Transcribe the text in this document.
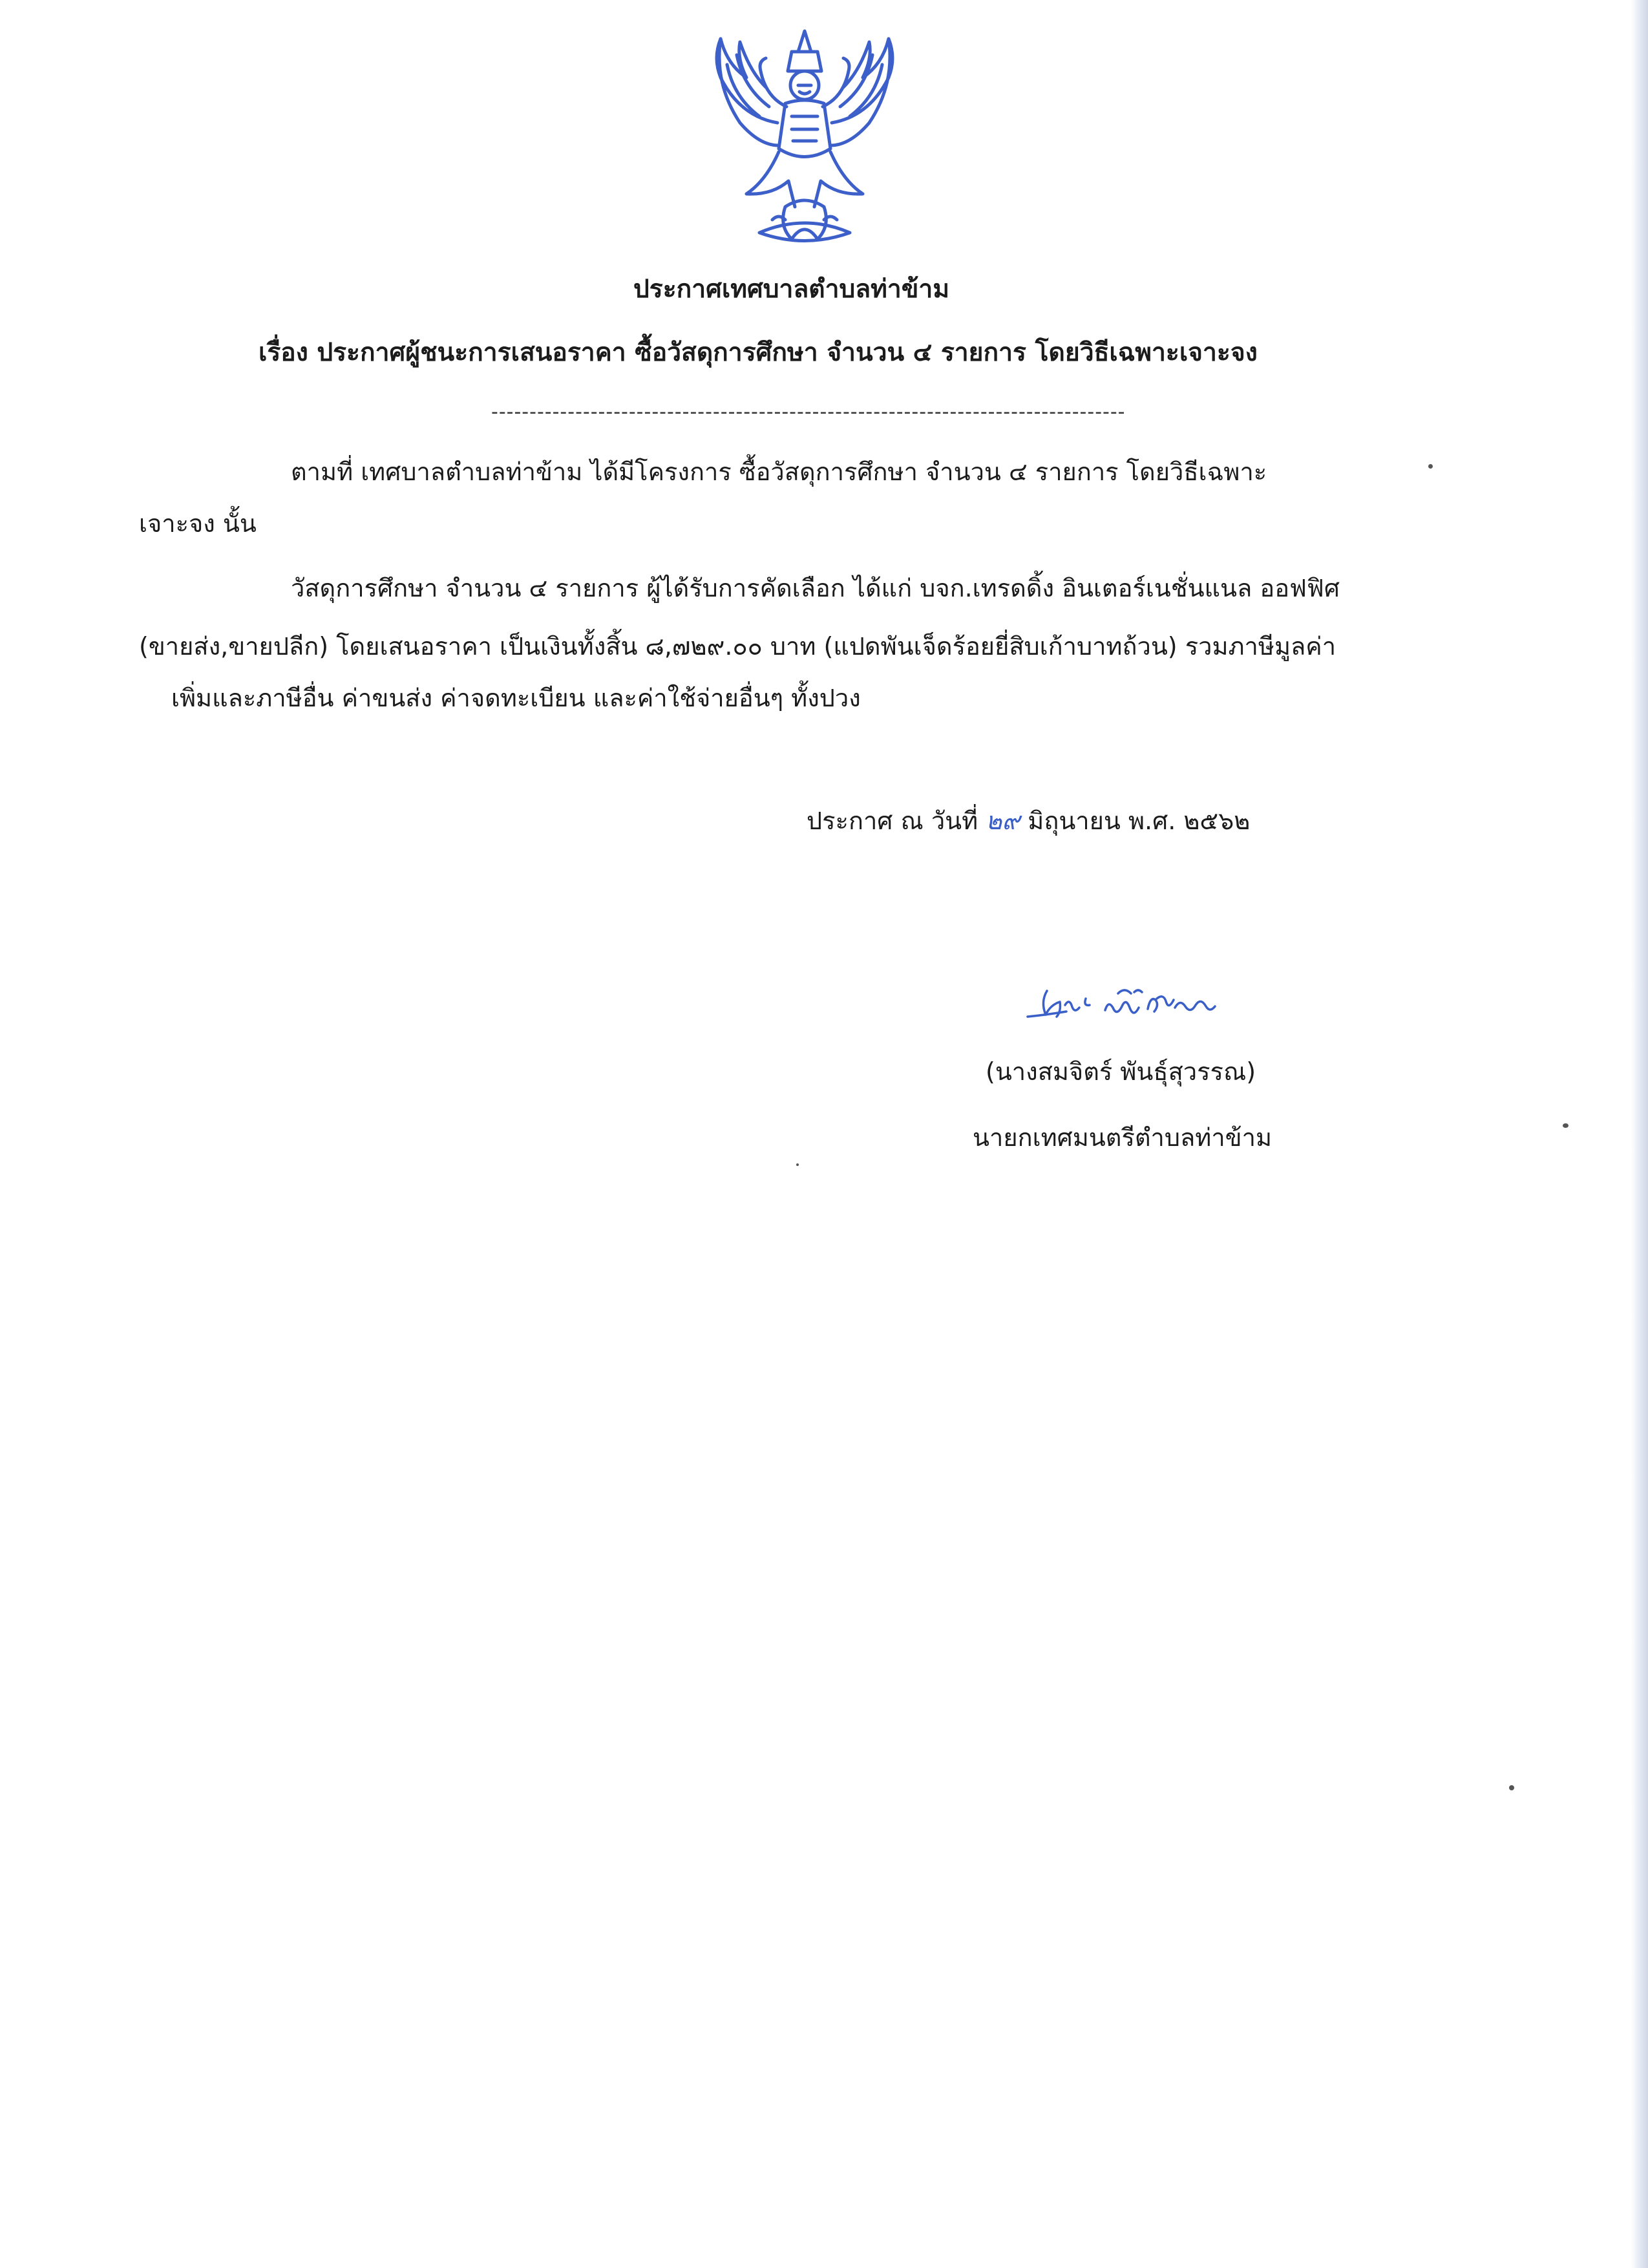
ประกาศเทศบาลตำบลท่าข้าม
เรื่อง ประกาศผู้ชนะการเสนอราคา ซื้อวัสดุการศึกษา จำนวน ๔ รายการ โดยวิธีเฉพาะเจาะจง
-----------------------------------------------------------------------------------
ตามที่ เทศบาลตำบลท่าข้าม ได้มีโครงการ ซื้อวัสดุการศึกษา จำนวน ๔ รายการ โดยวิธีเฉพาะ
เจาะจง นั้น
วัสดุการศึกษา จำนวน ๔ รายการ ผู้ได้รับการคัดเลือก ได้แก่ บจก.เทรดดิ้ง อินเตอร์เนชั่นแนล ออฟฟิศ
(ขายส่ง,ขายปลีก) โดยเสนอราคา เป็นเงินทั้งสิ้น ๘,๗๒๙.๐๐ บาท (แปดพันเจ็ดร้อยยี่สิบเก้าบาทถ้วน) รวมภาษีมูลค่า
เพิ่มและภาษีอื่น ค่าขนส่ง ค่าจดทะเบียน และค่าใช้จ่ายอื่นๆ ทั้งปวง
ประกาศ ณ วันที่ ๒๙ มิถุนายน พ.ศ. ๒๕๖๒
(นางสมจิตร์ พันธุ์สุวรรณ)
นายกเทศมนตรีตำบลท่าข้าม
